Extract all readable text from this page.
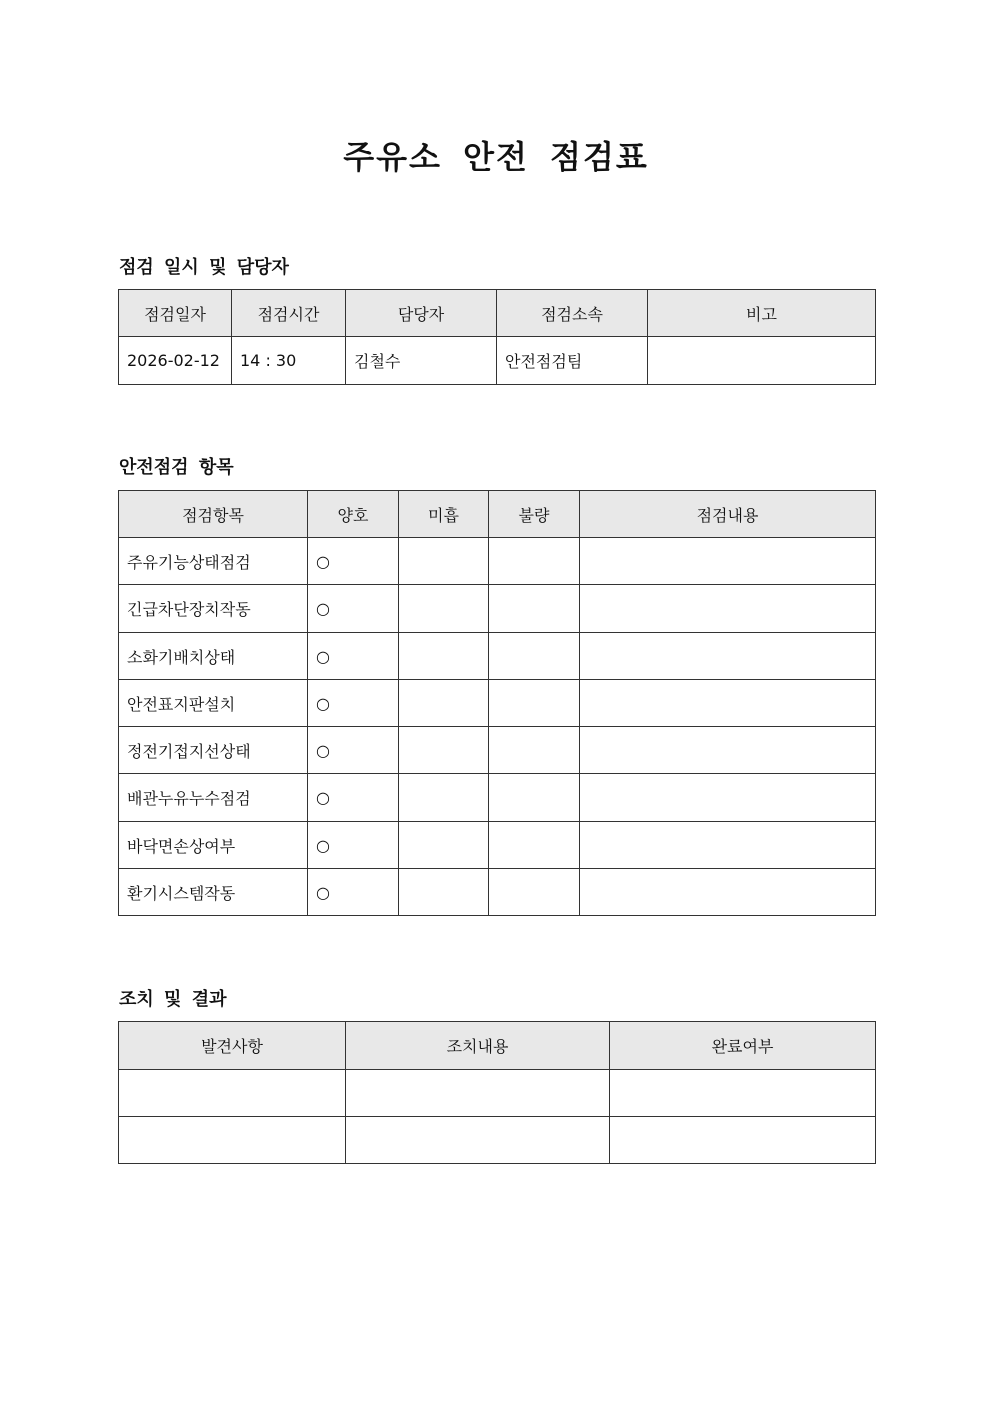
주유소 안전 점검표
점검 일시 및 담당자
점검일자	점검시간	담당자	점검소속	비고
2026-02-12	14 : 30	김철수	안전점검팀	
안전점검 항목
점검항목	양호	미흡	불량	점검내용
주유기능상태점검	○			
긴급차단장치작동	○			
소화기배치상태	○			
안전표지판설치	○			
정전기접지선상태	○			
배관누유누수점검	○			
바닥면손상여부	○			
환기시스템작동	○			
조치 및 결과
발견사항	조치내용	완료여부
